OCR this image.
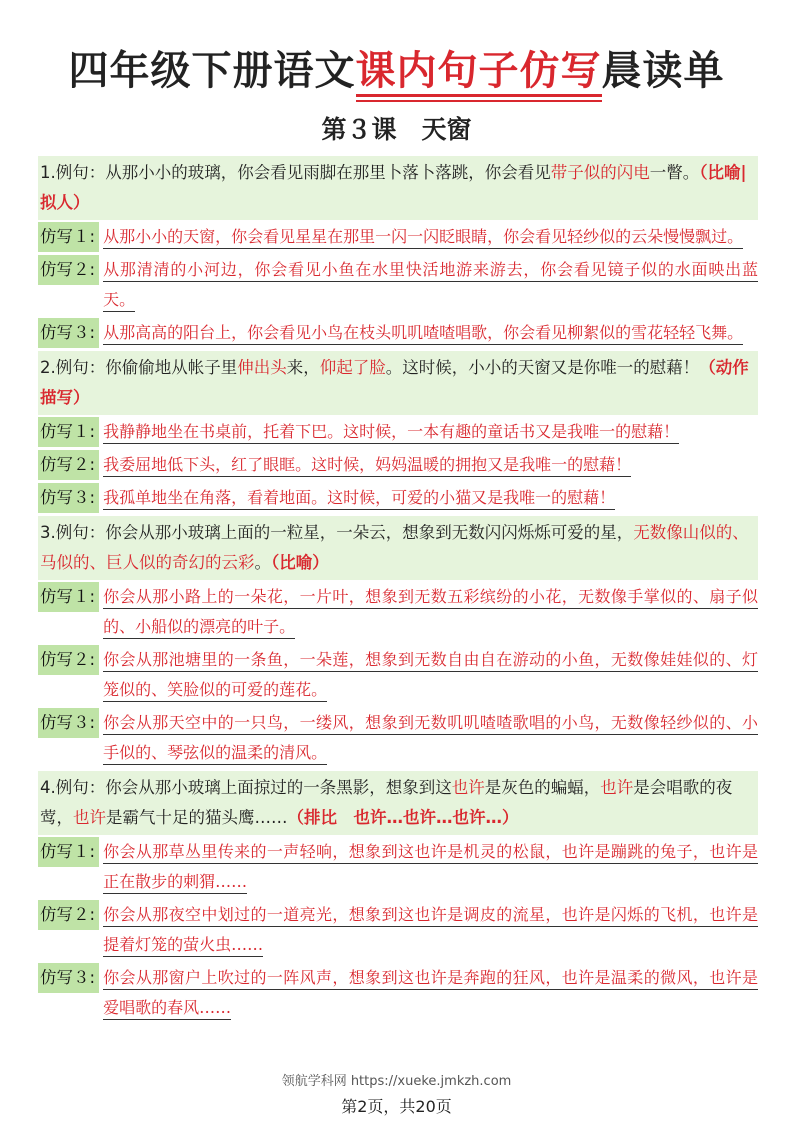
四年级下册语文课内句子仿写
晨读单
第３课　天窗
1.例句：从那小小的玻璃，你会看见雨脚在那里卜落卜落跳，你会看见带子似的闪电一瞥。（比喻|拟人）
仿写１: 从那小小的天窗，你会看见星星在那里一闪一闪眨眼睛，你会看见轻纱似的云朵慢慢飘过。
仿写２: 从那清清的小河边，你会看见小鱼在水里快活地游来游去，你会看见镜子似的水面映出蓝天。
仿写３: 从那高高的阳台上，你会看见小鸟在枝头叽叽喳喳唱歌，你会看见柳絮似的雪花轻轻飞舞。
2.例句：你偷偷地从帐子里伸出头来，仰起了脸。这时候，小小的天窗又是你唯一的慰藉！（动作描写）
仿写１: 我静静地坐在书桌前，托着下巴。这时候，一本有趣的童话书又是我唯一的慰藉！
仿写２: 我委屈地低下头，红了眼眶。这时候，妈妈温暖的拥抱又是我唯一的慰藉！
仿写３: 我孤单地坐在角落，看着地面。这时候，可爱的小猫又是我唯一的慰藉！
3.例句：你会从那小玻璃上面的一粒星，一朵云，想象到无数闪闪烁烁可爱的星，无数像山似的、马似的、巨人似的奇幻的云彩。（比喻）
仿写１: 你会从那小路上的一朵花，一片叶，想象到无数五彩缤纷的小花，无数像手掌似的、扇子似的、小船似的漂亮的叶子。
仿写２: 你会从那池塘里的一条鱼，一朵莲，想象到无数自由自在游动的小鱼，无数像娃娃似的、灯笼似的、笑脸似的可爱的莲花。
仿写３: 你会从那天空中的一只鸟，一缕风，想象到无数叽叽喳喳歌唱的小鸟，无数像轻纱似的、小手似的、琴弦似的温柔的清风。
4.例句：你会从那小玻璃上面掠过的一条黑影，想象到这也许是灰色的蝙蝠，也许是会唱歌的夜莺，也许是霸气十足的猫头鹰……（排比　也许…也许…也许…）
仿写１: 你会从那草丛里传来的一声轻响，想象到这也许是机灵的松鼠，也许是蹦跳的兔子，也许是正在散步的刺猬……
仿写２: 你会从那夜空中划过的一道亮光，想象到这也许是调皮的流星，也许是闪烁的飞机，也许是提着灯笼的萤火虫……
仿写３: 你会从那窗户上吹过的一阵风声，想象到这也许是奔跑的狂风，也许是温柔的微风，也许是爱唱歌的春风……
领航学科网 https://xueke.jmkzh.com
第2页，共20页
